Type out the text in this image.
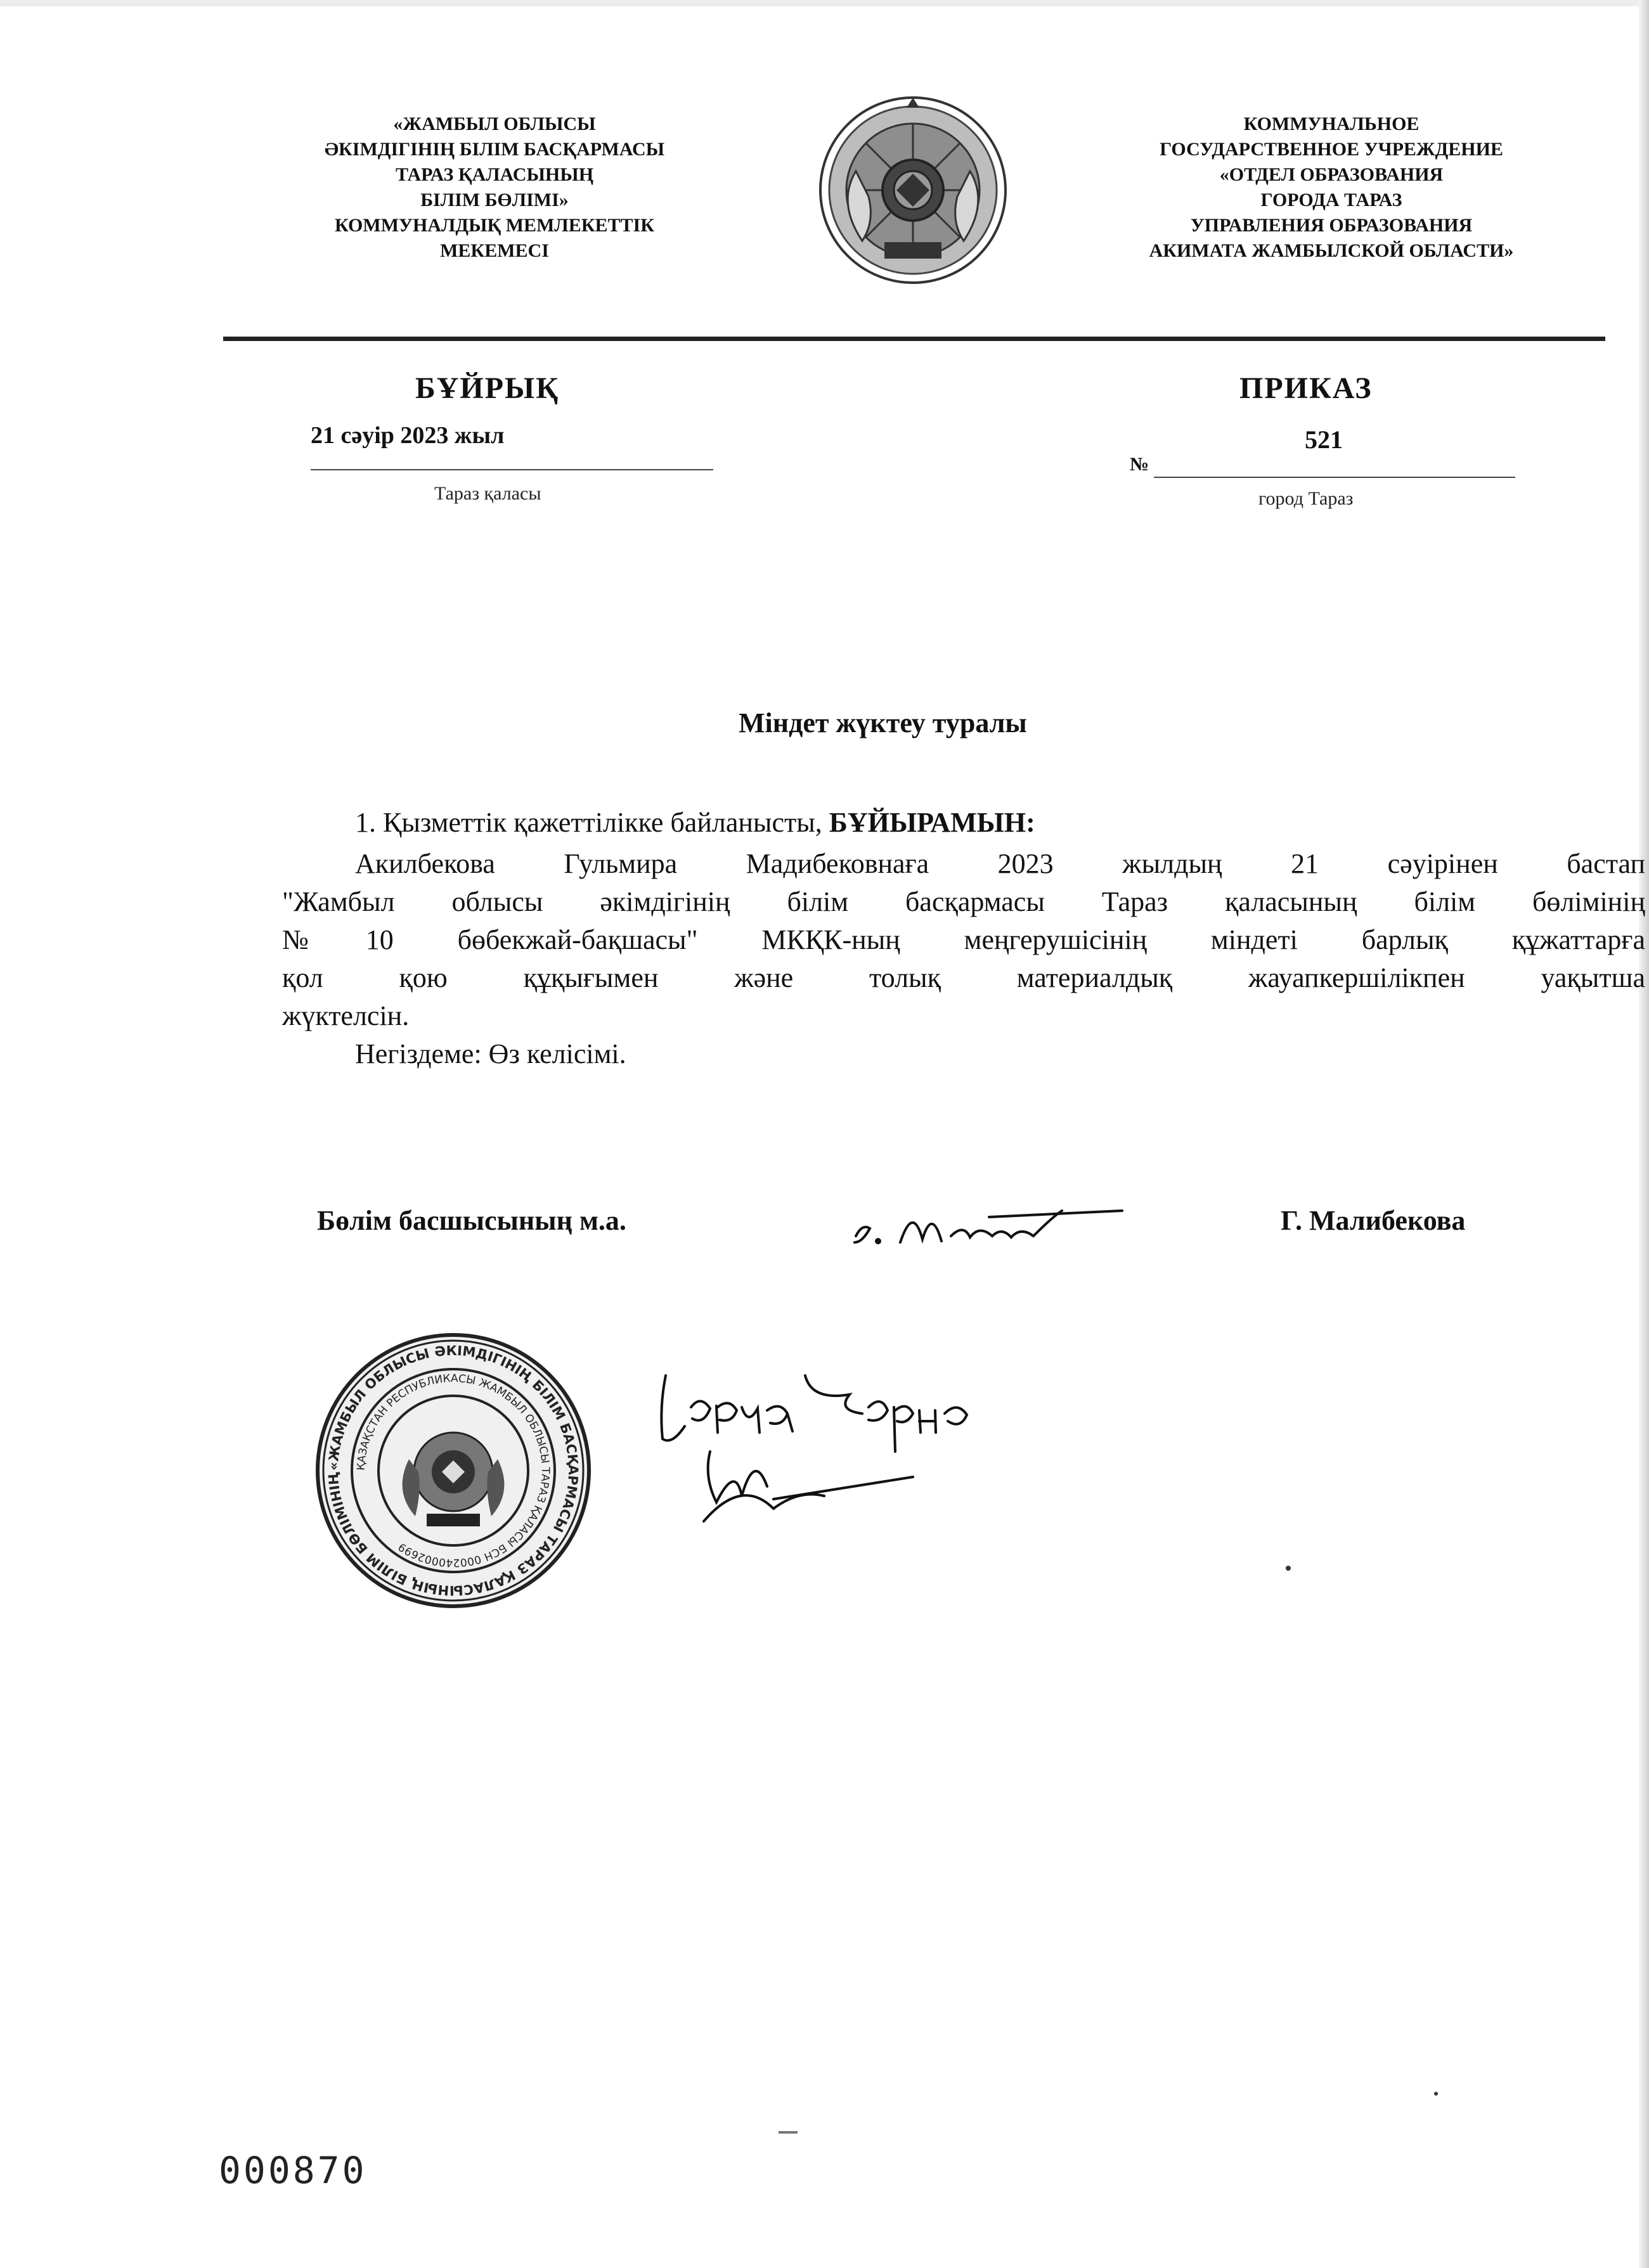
«ЖАМБЫЛ ОБЛЫСЫ
ӘКІМДІГІНІҢ БІЛІМ БАСҚАРМАСЫ
ТАРАЗ ҚАЛАСЫНЫҢ
БІЛІМ БӨЛІМІ»
КОММУНАЛДЫҚ МЕМЛЕКЕТТІК
МЕКЕМЕСІ
КОММУНАЛЬНОЕ
ГОСУДАРСТВЕННОЕ УЧРЕЖДЕНИЕ
«ОТДЕЛ ОБРАЗОВАНИЯ
ГОРОДА ТАРАЗ
УПРАВЛЕНИЯ ОБРАЗОВАНИЯ
АКИМАТА ЖАМБЫЛСКОЙ ОБЛАСТИ»
БҰЙРЫҚ
21 сәуір 2023 жыл
Тараз қаласы
ПРИКАЗ
№
521
город Тараз
Міндет жүктеу туралы
1. Қызметтік қажеттілікке байланысты, БҰЙЫРАМЫН:
Акилбекова Гульмира Мадибековнаға 2023 жылдың 21 сәуірінен бастап
"Жамбыл облысы әкімдігінің білім басқармасы Тараз қаласының білім бөлімінің
№10 бөбекжай-бақшасы" МКҚК-ның меңгерушісінің міндеті барлық құжаттарға
қол қою құқығымен және толық материалдық жауапкершілікпен уақытша
жүктелсін.
Негіздеме: Өз келісімі.
Бөлім басшысының м.а.	Г. Малибекова
«ЖАМБЫЛ ОБЛЫСЫ ӘКІМДІГІНІҢ БІЛІМ БАСҚАРМАСЫ ТАРАЗ ҚАЛАСЫНЫҢ БІЛІМ БӨЛІМІНІҢ
ҚАЗАҚСТАН РЕСПУБЛИКАСЫ ЖАМБЫЛ ОБЛЫСЫ ТАРАЗ ҚАЛАСЫ БСН 000240002699
000870
